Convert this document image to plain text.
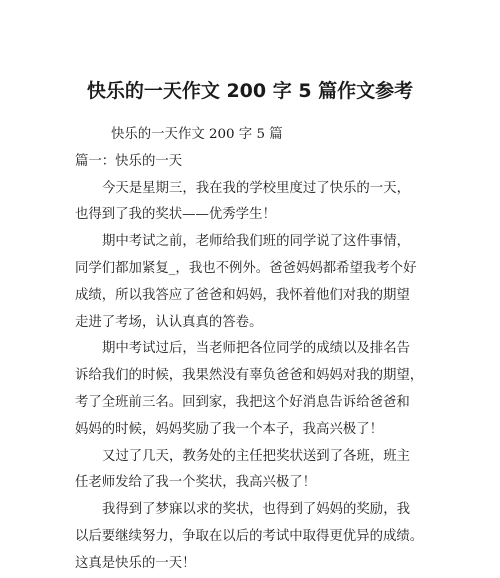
快乐的一天作文 200 字 5 篇作文参考
快乐的一天作文 200 字 5 篇
篇一：快乐的一天
今天是星期三，我在我的学校里度过了快乐的一天，
也得到了我的奖状——优秀学生！
期中考试之前，老师给我们班的同学说了这件事情，
同学们都加紧复_，我也不例外。爸爸妈妈都希望我考个好
成绩，所以我答应了爸爸和妈妈，我怀着他们对我的期望
走进了考场，认认真真的答卷。
期中考试过后，当老师把各位同学的成绩以及排名告
诉给我们的时候，我果然没有辜负爸爸和妈妈对我的期望，
考了全班前三名。回到家，我把这个好消息告诉给爸爸和
妈妈的时候，妈妈奖励了我一个本子，我高兴极了！
又过了几天，教务处的主任把奖状送到了各班，班主
任老师发给了我一个奖状，我高兴极了！
我得到了梦寐以求的奖状，也得到了妈妈的奖励，我
以后要继续努力，争取在以后的考试中取得更优异的成绩。
这真是快乐的一天！
